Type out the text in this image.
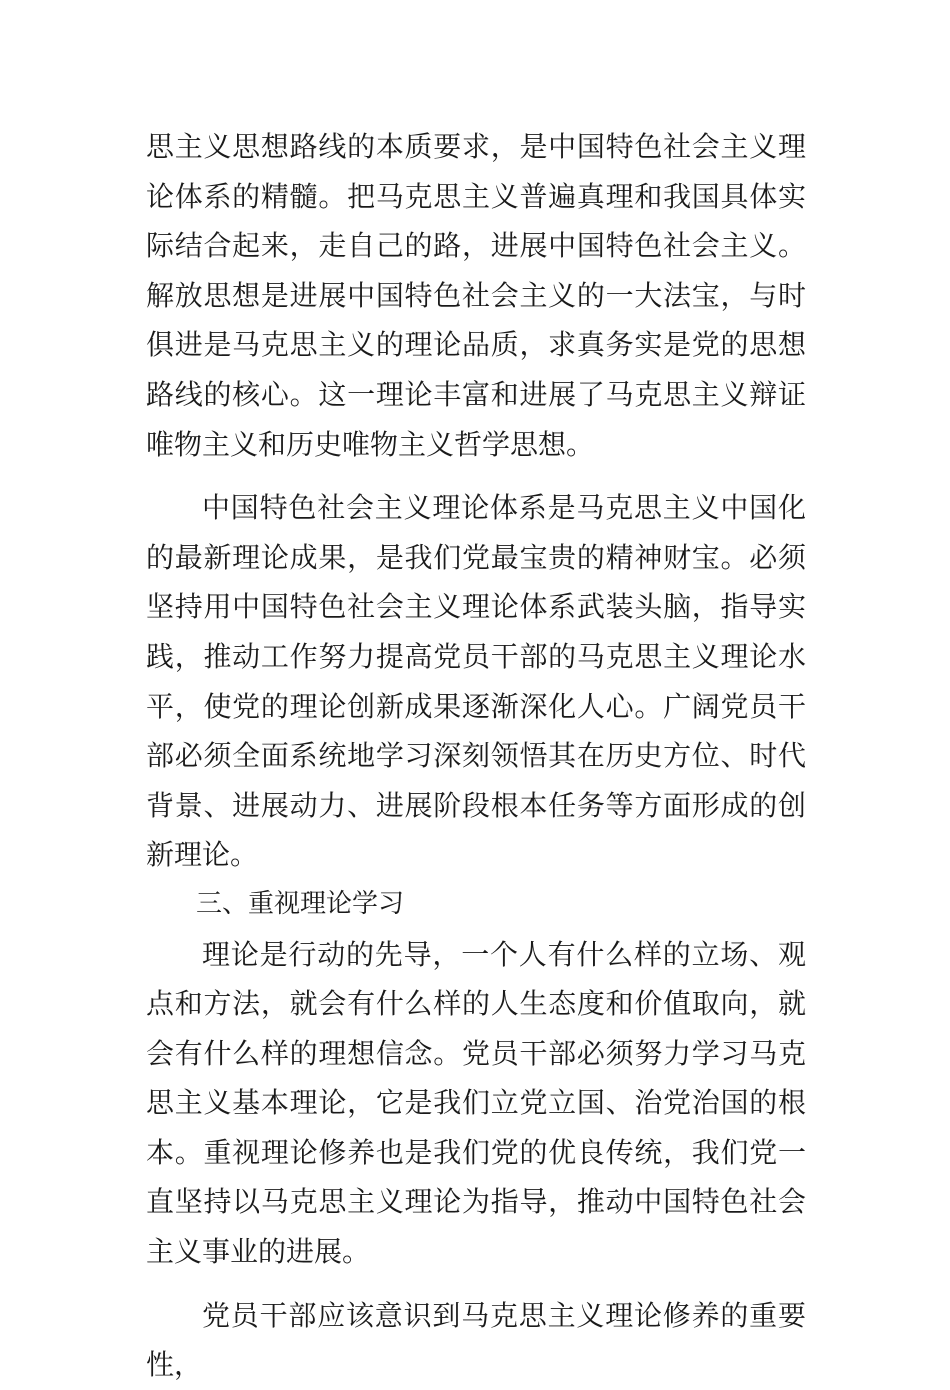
思主义思想路线的本质要求，是中国特色社会主义理论体系的精髓。把马克思主义普遍真理和我国具体实际结合起来，走自己的路，进展中国特色社会主义。解放思想是进展中国特色社会主义的一大法宝，与时俱进是马克思主义的理论品质，求真务实是党的思想路线的核心。这一理论丰富和进展了马克思主义辩证唯物主义和历史唯物主义哲学思想。

中国特色社会主义理论体系是马克思主义中国化的最新理论成果，是我们党最宝贵的精神财宝。必须坚持用中国特色社会主义理论体系武装头脑，指导实践，推动工作努力提高党员干部的马克思主义理论水平，使党的理论创新成果逐渐深化人心。广阔党员干部必须全面系统地学习深刻领悟其在历史方位、时代背景、进展动力、进展阶段根本任务等方面形成的创新理论。

三、重视理论学习

理论是行动的先导，一个人有什么样的立场、观点和方法，就会有什么样的人生态度和价值取向，就会有什么样的理想信念。党员干部必须努力学习马克思主义基本理论，它是我们立党立国、治党治国的根本。重视理论修养也是我们党的优良传统，我们党一直坚持以马克思主义理论为指导，推动中国特色社会主义事业的进展。

党员干部应该意识到马克思主义理论修养的重要性，
